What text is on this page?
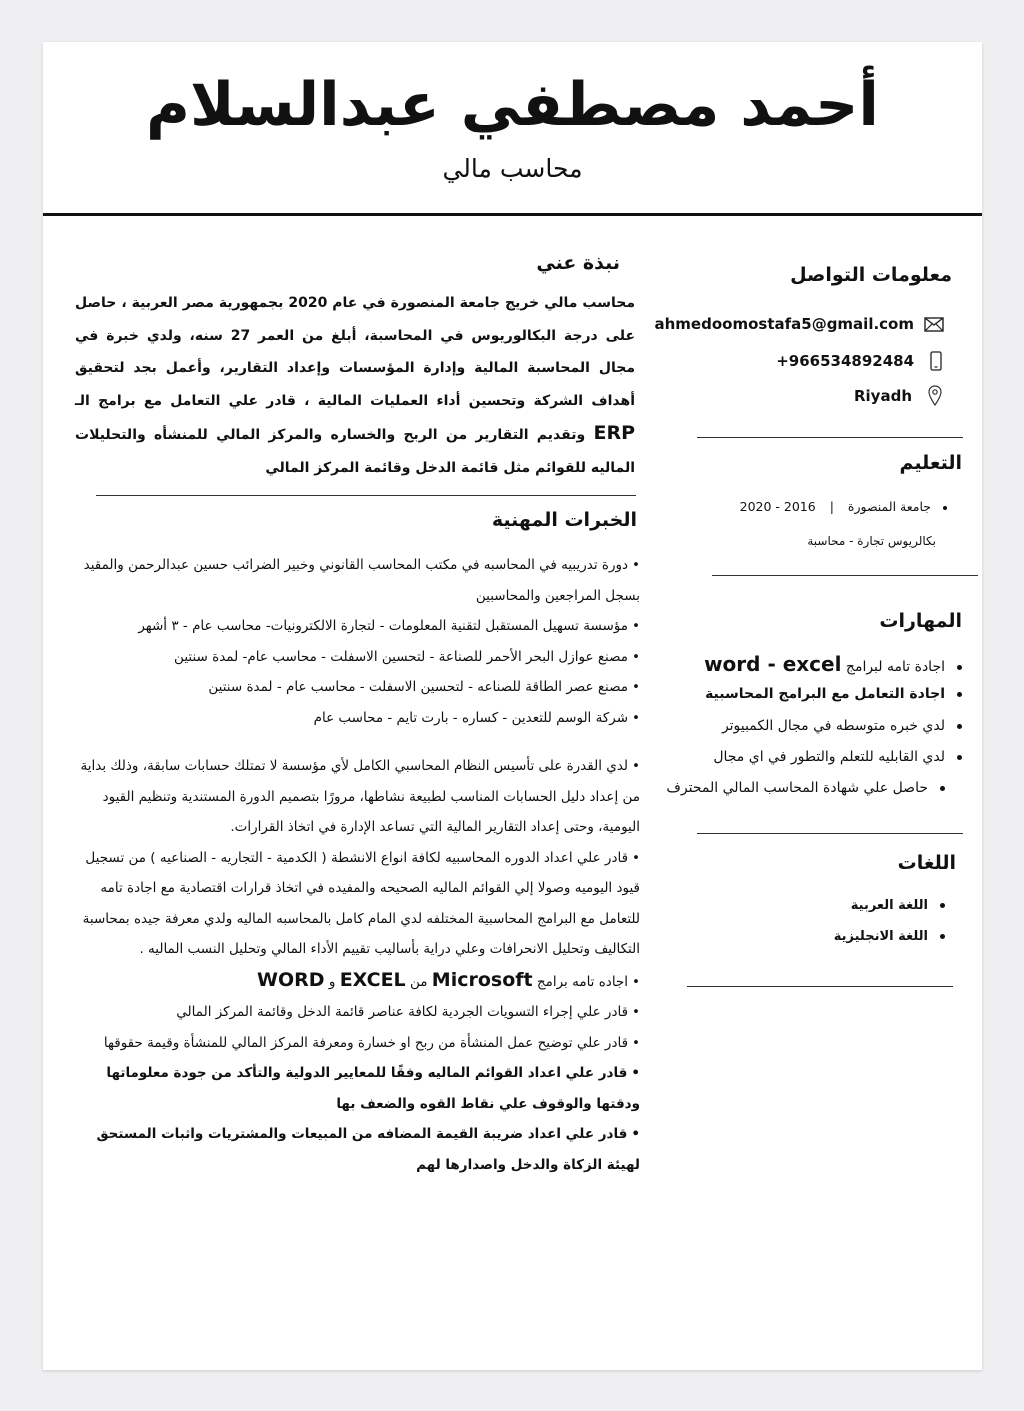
أحمد مصطفي عبدالسلام
محاسب مالي
معلومات التواصل
ahmedoomostafa5@gmail.com
+966534892484
Riyadh
التعليم
جامعة المنصورة | 2016 - 2020
بكالريوس تجارة - محاسبة
المهارات
اجادة تامه لبرامج word - excel
اجادة التعامل مع البرامج المحاسبية
لدي خبره متوسطه في مجال الكمبيوتر
لدي القابليه للتعلم والتطور في اي مجال
حاصل علي شهادة المحاسب المالي المحترف
اللغات
اللغة العربية
اللغة الانجليزية
نبذة عني
محاسب مالي خريج جامعة المنصورة في عام 2020 بجمهورية مصر العربية ، حاصل على درجة البكالوريوس في المحاسبة، أبلغ من العمر 27 سنه، ولدي خبرة في مجال المحاسبة المالية وإدارة المؤسسات وإعداد التقارير، وأعمل بجد لتحقيق أهداف الشركة وتحسين أداء العمليات المالية ، قادر علي التعامل مع برامج الـ ERP وتقديم التقارير من الربح والخساره والمركز المالي للمنشأه والتحليلات الماليه للقوائم مثل قائمة الدخل وقائمة المركز المالي
الخبرات المهنية
•دورة تدريبيه في المحاسبه في مكتب المحاسب القانوني وخبير الضرائب حسين عبدالرحمن والمقيد بسجل المراجعين والمحاسبين
•مؤسسة تسهيل المستقبل لتقنية المعلومات - لتجارة الالكترونيات- محاسب عام - ٣ أشهر
•مصنع عوازل البحر الأحمر للصناعة - لتحسين الاسفلت - محاسب عام- لمدة سنتين
•مصنع عصر الطاقة للصناعه - لتحسين الاسفلت - محاسب عام - لمدة سنتين
•شركة الوسم للتعدين - كساره - بارت تايم - محاسب عام
•لدي القدرة على تأسيس النظام المحاسبي الكامل لأي مؤسسة لا تمتلك حسابات سابقة، وذلك بداية من إعداد دليل الحسابات المناسب لطبيعة نشاطها، مرورًا بتصميم الدورة المستندية وتنظيم القيود اليومية، وحتى إعداد التقارير المالية التي تساعد الإدارة في اتخاذ القرارات.
•قادر علي اعداد الدوره المحاسبيه لكافة انواع الانشطة ( الكدمية - التجاريه - الصناعيه ) من تسجيل قيود اليوميه وصولا إلي القوائم الماليه الصحيحه والمفيده في اتخاذ قرارات اقتصادية مع اجادة تامه للتعامل مع البرامج المحاسبية المختلفه لدي المام كامل بالمحاسبه الماليه ولدي معرفة جيده بمحاسبة التكاليف وتحليل الانحرافات وعلي دراية بأساليب تقييم الأداء المالي وتحليل النسب الماليه .
•اجاده تامه برامج Microsoft من EXCEL و WORD
•قادر علي إجراء التسويات الجردية لكافة عناصر قائمة الدخل وقائمة المركز المالي
•قادر علي توضيح عمل المنشأة من ربح او خسارة ومعرفة المركز المالي للمنشأة وقيمة حقوقها
•قادر علي اعداد القوائم الماليه وفقًا للمعايير الدولية والتأكد من جودة معلوماتها ودقتها والوقوف علي نقاط القوه والضعف بها
•قادر علي اعداد ضريبة القيمة المضافه من المبيعات والمشتريات واثبات المستحق لهيئة الزكاة والدخل واصدارها لهم
